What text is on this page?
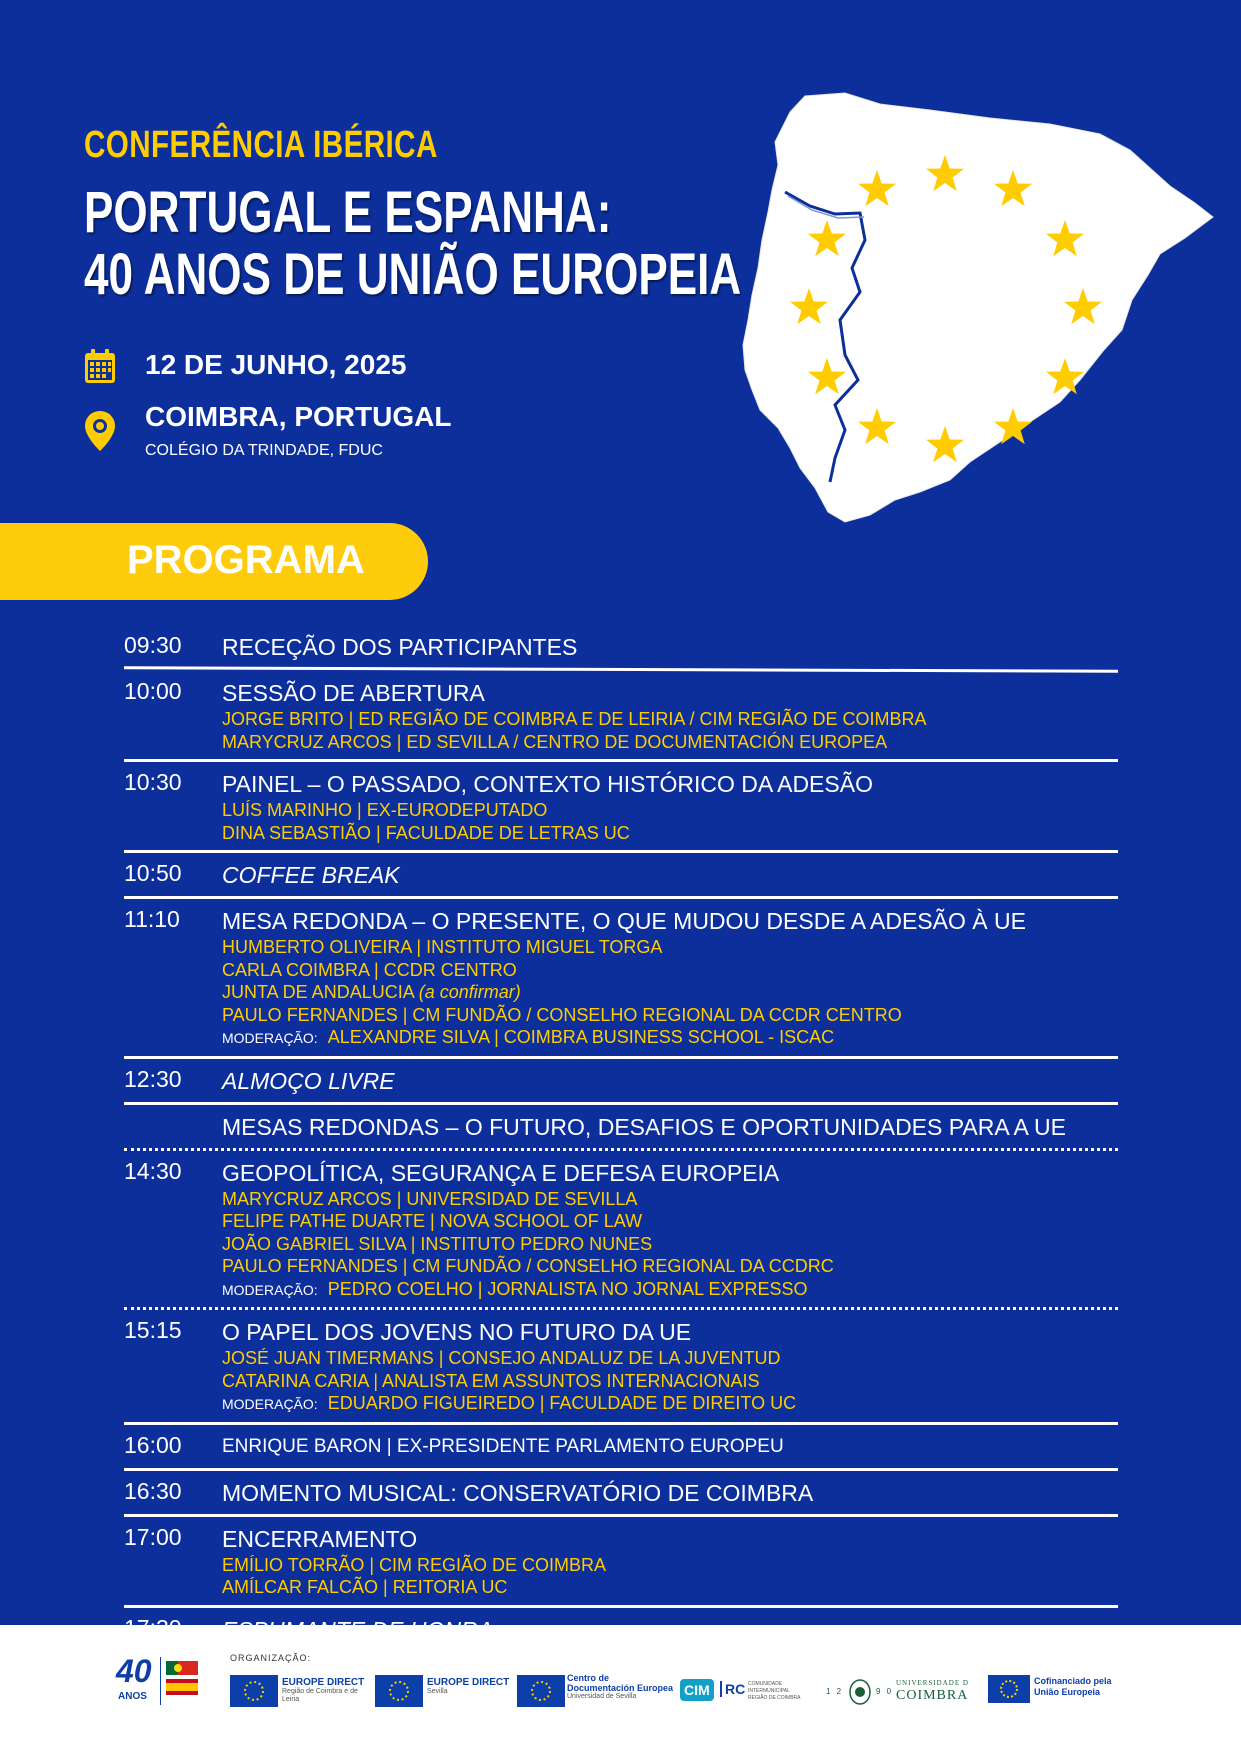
CONFERÊNCIA IBÉRICA
PORTUGAL E ESPANHA:
40 ANOS DE UNIÃO EUROPEIA
12 DE JUNHO, 2025
COIMBRA, PORTUGAL
COLÉGIO DA TRINDADE, FDUC
PROGRAMA
09:30 RECEÇÃO DOS PARTICIPANTES
10:00 SESSÃO DE ABERTURA
JORGE BRITO | ED REGIÃO DE COIMBRA E DE LEIRIA / CIM REGIÃO DE COIMBRA
MARYCRUZ ARCOS | ED SEVILLA / CENTRO DE DOCUMENTACIÓN EUROPEA
10:30 PAINEL – O PASSADO, CONTEXTO HISTÓRICO DA ADESÃO
LUÍS MARINHO | EX-EURODEPUTADO
DINA SEBASTIÃO | FACULDADE DE LETRAS UC
10:50 COFFEE BREAK
11:10 MESA REDONDA – O PRESENTE, O QUE MUDOU DESDE A ADESÃO À UE
HUMBERTO OLIVEIRA | INSTITUTO MIGUEL TORGA
CARLA COIMBRA | CCDR CENTRO
JUNTA DE ANDALUCIA (a confirmar)
PAULO FERNANDES | CM FUNDÃO / CONSELHO REGIONAL DA CCDR CENTRO
MODERAÇÃO: ALEXANDRE SILVA | COIMBRA BUSINESS SCHOOL - ISCAC
12:30 ALMOÇO LIVRE
MESAS REDONDAS – O FUTURO, DESAFIOS E OPORTUNIDADES PARA A UE
14:30 GEOPOLÍTICA, SEGURANÇA E DEFESA EUROPEIA
MARYCRUZ ARCOS | UNIVERSIDAD DE SEVILLA
FELIPE PATHE DUARTE | NOVA SCHOOL OF LAW
JOÃO GABRIEL SILVA | INSTITUTO PEDRO NUNES
PAULO FERNANDES | CM FUNDÃO / CONSELHO REGIONAL DA CCDRC
MODERAÇÃO: PEDRO COELHO | JORNALISTA NO JORNAL EXPRESSO
15:15 O PAPEL DOS JOVENS NO FUTURO DA UE
JOSÉ JUAN TIMERMANS | CONSEJO ANDALUZ DE LA JUVENTUD
CATARINA CARIA | ANALISTA EM ASSUNTOS INTERNACIONAIS
MODERAÇÃO: EDUARDO FIGUEIREDO | FACULDADE DE DIREITO UC
16:00 ENRIQUE BARON | EX-PRESIDENTE PARLAMENTO EUROPEU
16:30 MOMENTO MUSICAL: CONSERVATÓRIO DE COIMBRA
17:00 ENCERRAMENTO
EMÍLIO TORRÃO | CIM REGIÃO DE COIMBRA
AMÍLCAR FALCÃO | REITORIA UC
40
ANOS
ORGANIZAÇÃO:
EUROPE DIRECT
Região de Coimbra e de Leiria
EUROPE DIRECT
Sevilla
Centro de Documentación Europea
Universidad de Sevilla	CIM	RC COMUNIDADE INTERMUNICIPAL REGIÃO DE COIMBRA
1 2	9 0
UNIVERSIDADE D
COIMBRA
Cofinanciado pela União Europeia
